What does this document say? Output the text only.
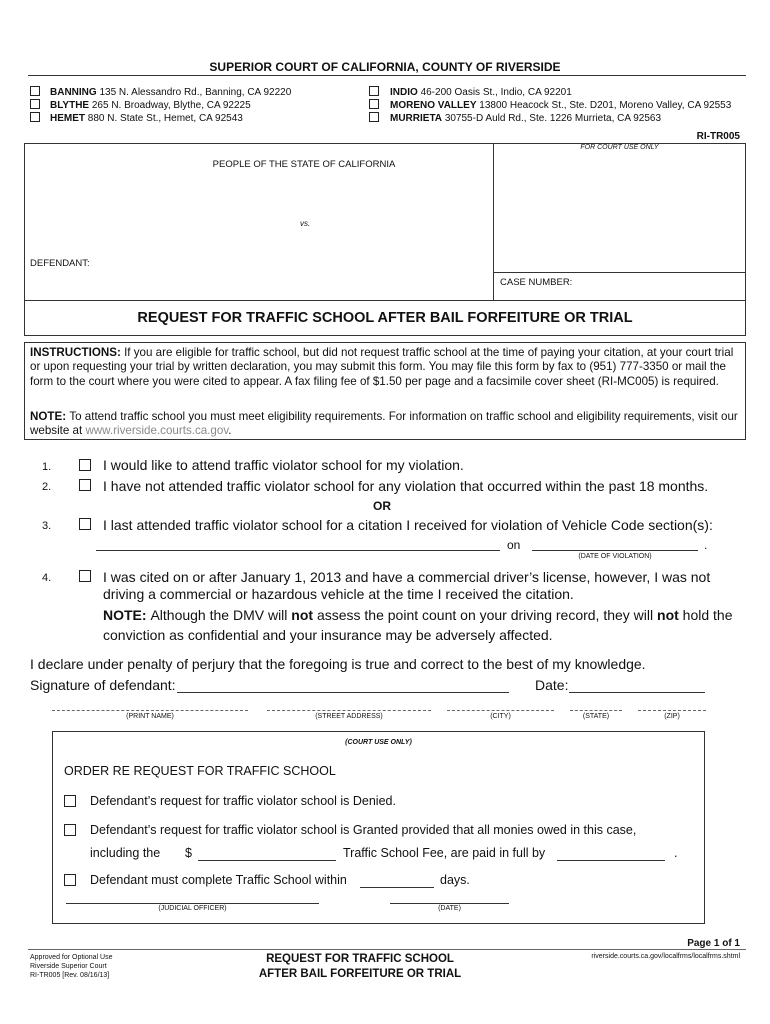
SUPERIOR COURT OF CALIFORNIA, COUNTY OF RIVERSIDE
BANNING 135 N. Alessandro Rd., Banning, CA 92220
BLYTHE 265 N. Broadway, Blythe, CA 92225
HEMET 880 N. State St., Hemet, CA 92543
INDIO 46-200 Oasis St., Indio, CA 92201
MORENO VALLEY 13800 Heacock St., Ste. D201, Moreno Valley, CA 92553
MURRIETA 30755-D Auld Rd., Ste. 1226 Murrieta, CA 92563
RI-TR005
FOR COURT USE ONLY
PEOPLE OF THE STATE OF CALIFORNIA
vs.
DEFENDANT:
CASE NUMBER:
REQUEST FOR TRAFFIC SCHOOL AFTER BAIL FORFEITURE OR TRIAL
INSTRUCTIONS: If you are eligible for traffic school, but did not request traffic school at the time of paying your citation, at your court trial or upon requesting your trial by written declaration, you may submit this form. You may file this form by fax to (951) 777-3350 or mail the form to the court where you were cited to appear. A fax filing fee of $1.50 per page and a facsimile cover sheet (RI-MC005) is required.
NOTE: To attend traffic school you must meet eligibility requirements. For information on traffic school and eligibility requirements, visit our website at www.riverside.courts.ca.gov.
1.	I would like to attend traffic violator school for my violation.
2.	I have not attended traffic violator school for any violation that occurred within the past 18 months.
OR
3.	I last attended traffic violator school for a citation I received for violation of Vehicle Code section(s):
on	.
(DATE OF VIOLATION)
4.	I was cited on or after January 1, 2013 and have a commercial driver’s license, however, I was not
driving a commercial or hazardous vehicle at the time I received the citation.
NOTE: Although the DMV will not assess the point count on your driving record, they will not hold the
conviction as confidential and your insurance may be adversely affected.
I declare under penalty of perjury that the foregoing is true and correct to the best of my knowledge.
Signature of defendant:	Date:
(PRINT NAME)	(STREET ADDRESS)	(CITY)	(STATE)	(ZIP)
(COURT USE ONLY)
ORDER RE REQUEST FOR TRAFFIC SCHOOL
Defendant’s request for traffic violator school is Denied.
Defendant’s request for traffic violator school is Granted provided that all monies owed in this case,
including the $	Traffic School Fee, are paid in full by	.
Defendant must complete Traffic School within	days.
(JUDICIAL OFFICER)	(DATE)
Page 1 of 1
Approved for Optional Use
Riverside Superior Court
RI-TR005 [Rev. 08/16/13]
REQUEST FOR TRAFFIC SCHOOL
AFTER BAIL FORFEITURE OR TRIAL
riverside.courts.ca.gov/localfrms/localfrms.shtml
